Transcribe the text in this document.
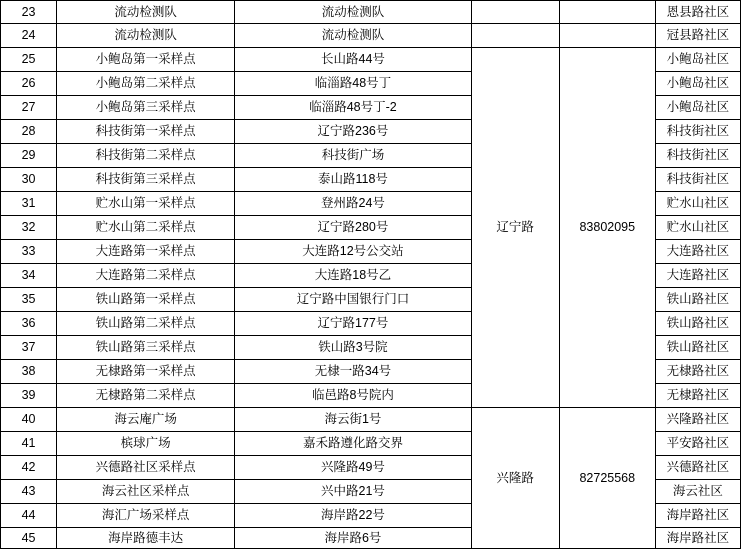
23	流动检测队	流动检测队			恩县路社区
24	流动检测队	流动检测队			冠县路社区
25	小鲍岛第一采样点	长山路44号	辽宁路	83802095	小鲍岛社区
26	小鲍岛第二采样点	临淄路48号丁			小鲍岛社区
27	小鲍岛第三采样点	临淄路48号丁-2			小鲍岛社区
28	科技街第一采样点	辽宁路236号			科技街社区
29	科技街第二采样点	科技街广场			科技街社区
30	科技街第三采样点	泰山路118号			科技街社区
31	贮水山第一采样点	登州路24号			贮水山社区
32	贮水山第二采样点	辽宁路280号			贮水山社区
33	大连路第一采样点	大连路12号公交站			大连路社区
34	大连路第二采样点	大连路18号乙			大连路社区
35	铁山路第一采样点	辽宁路中国银行门口			铁山路社区
36	铁山路第二采样点	辽宁路177号			铁山路社区
37	铁山路第三采样点	铁山路3号院			铁山路社区
38	无棣路第一采样点	无棣一路34号			无棣路社区
39	无棣路第二采样点	临邑路8号院内			无棣路社区
40	海云庵广场	海云街1号	兴隆路	82725568	兴隆路社区
41	槟球广场	嘉禾路遵化路交界			平安路社区
42	兴德路社区采样点	兴隆路49号			兴德路社区
43	海云社区采样点	兴中路21号			海云社区
44	海汇广场采样点	海岸路22号			海岸路社区
45	海岸路德丰达	海岸路6号			海岸路社区
